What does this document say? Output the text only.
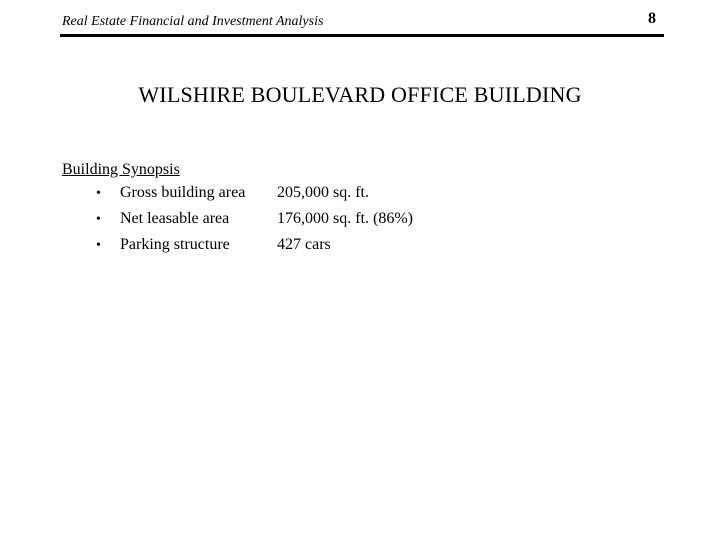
Real Estate Financial and Investment Analysis	8
WILSHIRE BOULEVARD OFFICE BUILDING
Building Synopsis
•	Gross building area	205,000 sq. ft.
•	Net leasable area	176,000 sq. ft. (86%)
•	Parking structure	427 cars
